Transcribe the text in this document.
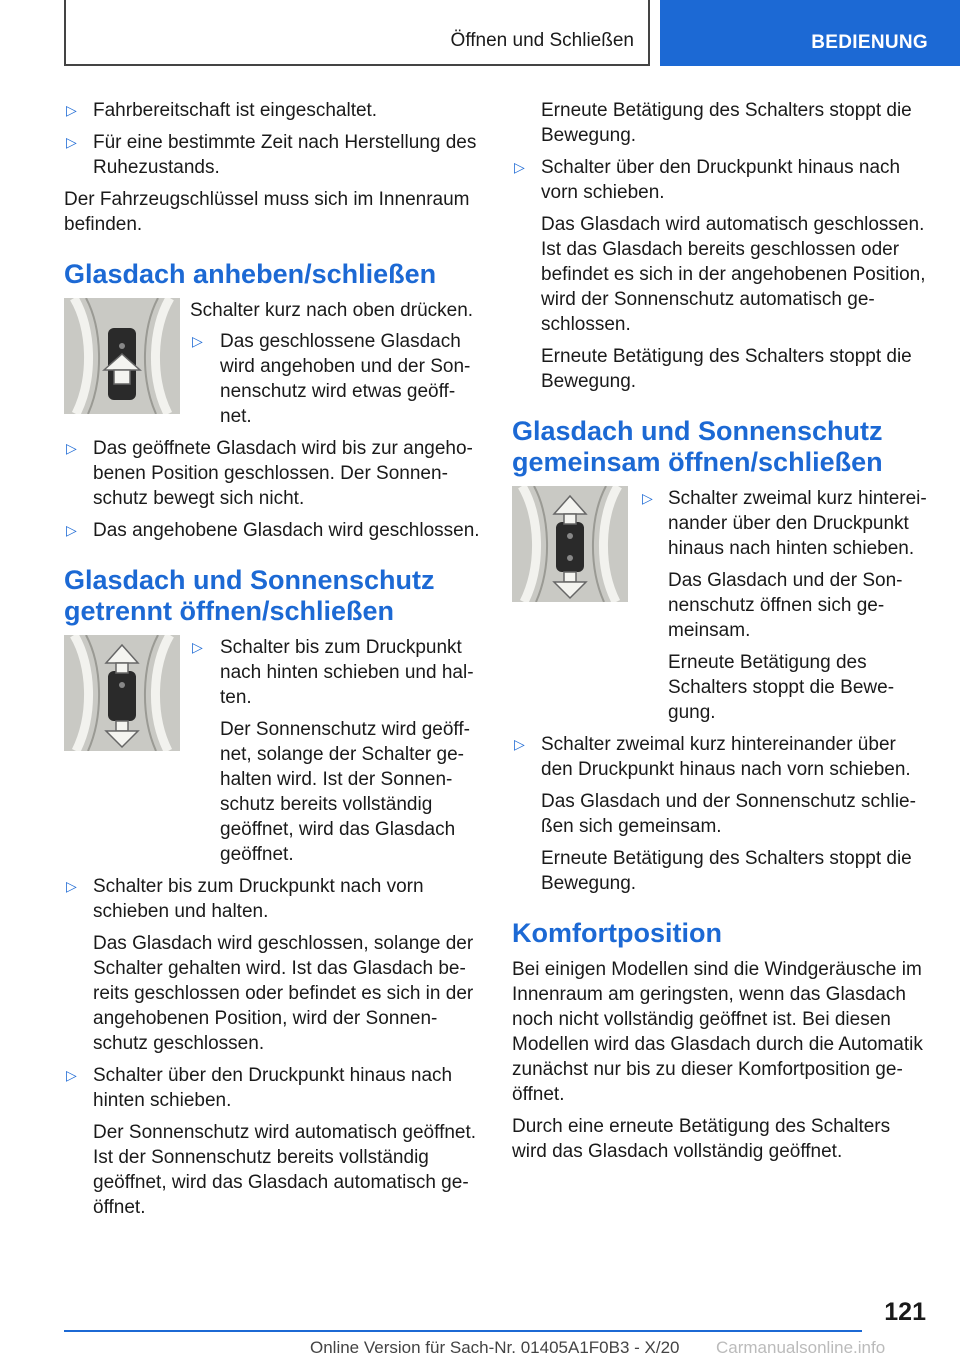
Öffnen und Schließen	BEDIENUNG
▷ Fahrbereitschaft ist eingeschaltet.
▷ Für eine bestimmte Zeit nach Herstellung des Ruhezustands.

Der Fahrzeugschlüssel muss sich im Innenraum befinden.

Glasdach anheben/schließen

Schalter kurz nach oben drücken.

▷ Das geschlossene Glasdach wird angehoben und der Sonnenschutz wird etwas geöffnet.
▷ Das geöffnete Glasdach wird bis zur angehobenen Position geschlossen. Der Sonnenschutz bewegt sich nicht.
▷ Das angehobene Glasdach wird geschlossen.
Glasdach und Sonnenschutz getrennt öffnen/schließen
▷ Schalter bis zum Druckpunkt nach hinten schieben und halten.
Der Sonnenschutz wird geöffnet, solange der Schalter gehalten wird. Ist der Sonnenschutz bereits vollständig geöffnet, wird das Glasdach geöffnet.
▷ Schalter bis zum Druckpunkt nach vorn schieben und halten.
Das Glasdach wird geschlossen, solange der Schalter gehalten wird. Ist das Glasdach bereits geschlossen oder befindet es sich in der angehobenen Position, wird der Sonnenschutz geschlossen.
▷ Schalter über den Druckpunkt hinaus nach hinten schieben.
Der Sonnenschutz wird automatisch geöffnet. Ist der Sonnenschutz bereits vollständig geöffnet, wird das Glasdach automatisch geöffnet.
Erneute Betätigung des Schalters stoppt die Bewegung.
▷ Schalter über den Druckpunkt hinaus nach vorn schieben.
Das Glasdach wird automatisch geschlossen. Ist das Glasdach bereits geschlossen oder befindet es sich in der angehobenen Position, wird der Sonnenschutz automatisch geschlossen.
Erneute Betätigung des Schalters stoppt die Bewegung.
Glasdach und Sonnenschutz gemeinsam öffnen/schließen
▷ Schalter zweimal kurz hintereinander über den Druckpunkt hinaus nach hinten schieben.
Das Glasdach und der Sonnenschutz öffnen sich gemeinsam.
Erneute Betätigung des Schalters stoppt die Bewegung.
▷ Schalter zweimal kurz hintereinander über den Druckpunkt hinaus nach vorn schieben.
Das Glasdach und der Sonnenschutz schließen sich gemeinsam.
Erneute Betätigung des Schalters stoppt die Bewegung.
Komfortposition

Bei einigen Modellen sind die Windgeräusche im Innenraum am geringsten, wenn das Glasdach noch nicht vollständig geöffnet ist. Bei diesen Modellen wird das Glasdach durch die Automatik zunächst nur bis zu dieser Komfortposition geöffnet.

Durch eine erneute Betätigung des Schalters wird das Glasdach vollständig geöffnet.

121
Online Version für Sach-Nr. 01405A1F0B3 - X/20 Carmanualsonline.info
